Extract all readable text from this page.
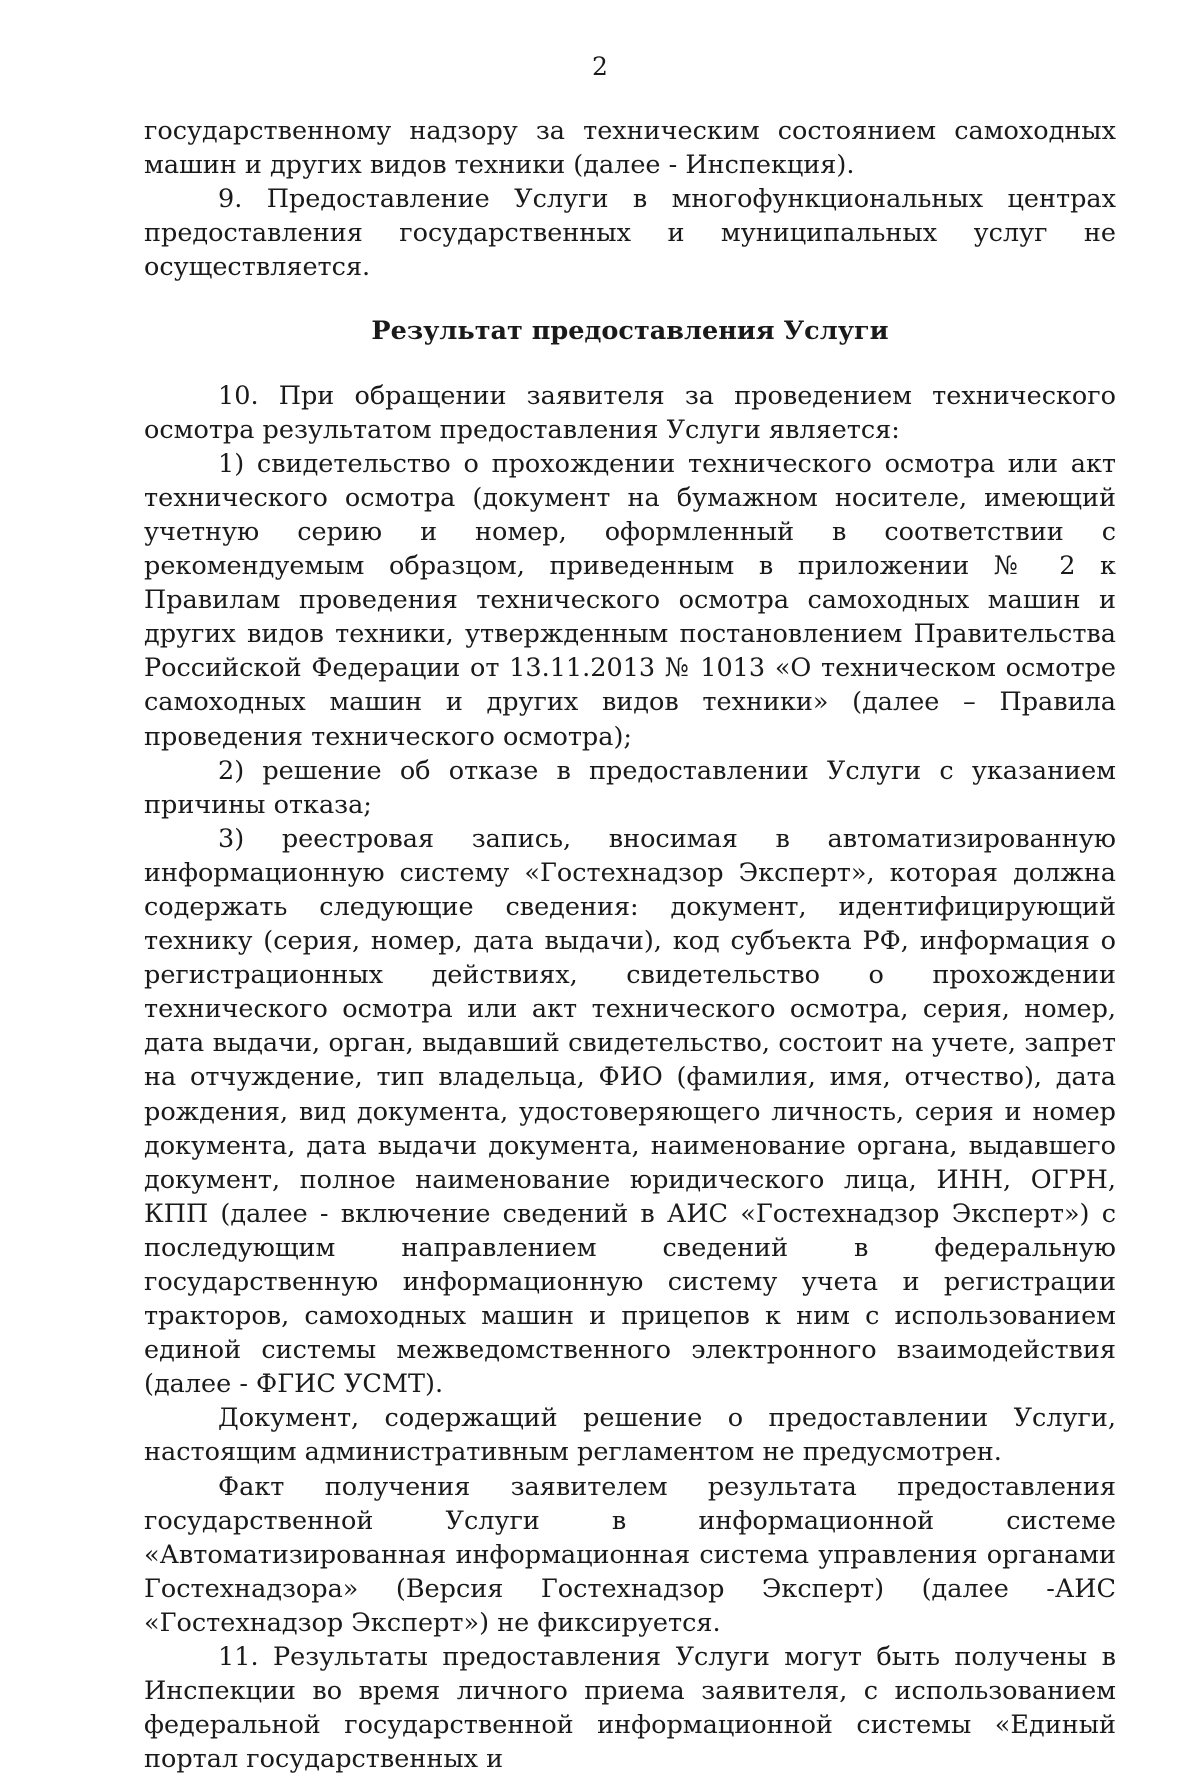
2

государственному надзору за техническим состоянием самоходных машин и других видов техники (далее - Инспекция).

9. Предоставление Услуги в многофункциональных центрах предоставления государственных и муниципальных услуг не осуществляется.

Результат предоставления Услуги

10. При обращении заявителя за проведением технического осмотра результатом предоставления Услуги является:

1) свидетельство о прохождении технического осмотра или акт технического осмотра (документ на бумажном носителе, имеющий учетную серию и номер, оформленный в соответствии с рекомендуемым образцом, приведенным в приложении № 2 к Правилам проведения технического осмотра самоходных машин и других видов техники, утвержденным постановлением Правительства Российской Федерации от 13.11.2013 № 1013 «О техническом осмотре самоходных машин и других видов техники» (далее – Правила проведения технического осмотра);

2) решение об отказе в предоставлении Услуги с указанием причины отказа;

3) реестровая запись, вносимая в автоматизированную информационную систему «Гостехнадзор Эксперт», которая должна содержать следующие сведения: документ, идентифицирующий технику (серия, номер, дата выдачи), код субъекта РФ, информация о регистрационных действиях, свидетельство о прохождении технического осмотра или акт технического осмотра, серия, номер, дата выдачи, орган, выдавший свидетельство, состоит на учете, запрет на отчуждение, тип владельца, ФИО (фамилия, имя, отчество), дата рождения, вид документа, удостоверяющего личность, серия и номер документа, дата выдачи документа, наименование органа, выдавшего документ, полное наименование юридического лица, ИНН, ОГРН, КПП (далее - включение сведений в АИС «Гостехнадзор Эксперт») с последующим направлением сведений в федеральную государственную информационную систему учета и регистрации тракторов, самоходных машин и прицепов к ним с использованием единой системы межведомственного электронного взаимодействия (далее - ФГИС УСМТ).

Документ, содержащий решение о предоставлении Услуги, настоящим административным регламентом не предусмотрен.

Факт получения заявителем результата предоставления государственной Услуги в информационной системе «Автоматизированная информационная система управления органами Гостехнадзора» (Версия Гостехнадзор Эксперт) (далее -АИС «Гостехнадзор Эксперт») не фиксируется.

11. Результаты предоставления Услуги могут быть получены в Инспекции во время личного приема заявителя, с использованием федеральной государственной информационной системы «Единый портал государственных и
